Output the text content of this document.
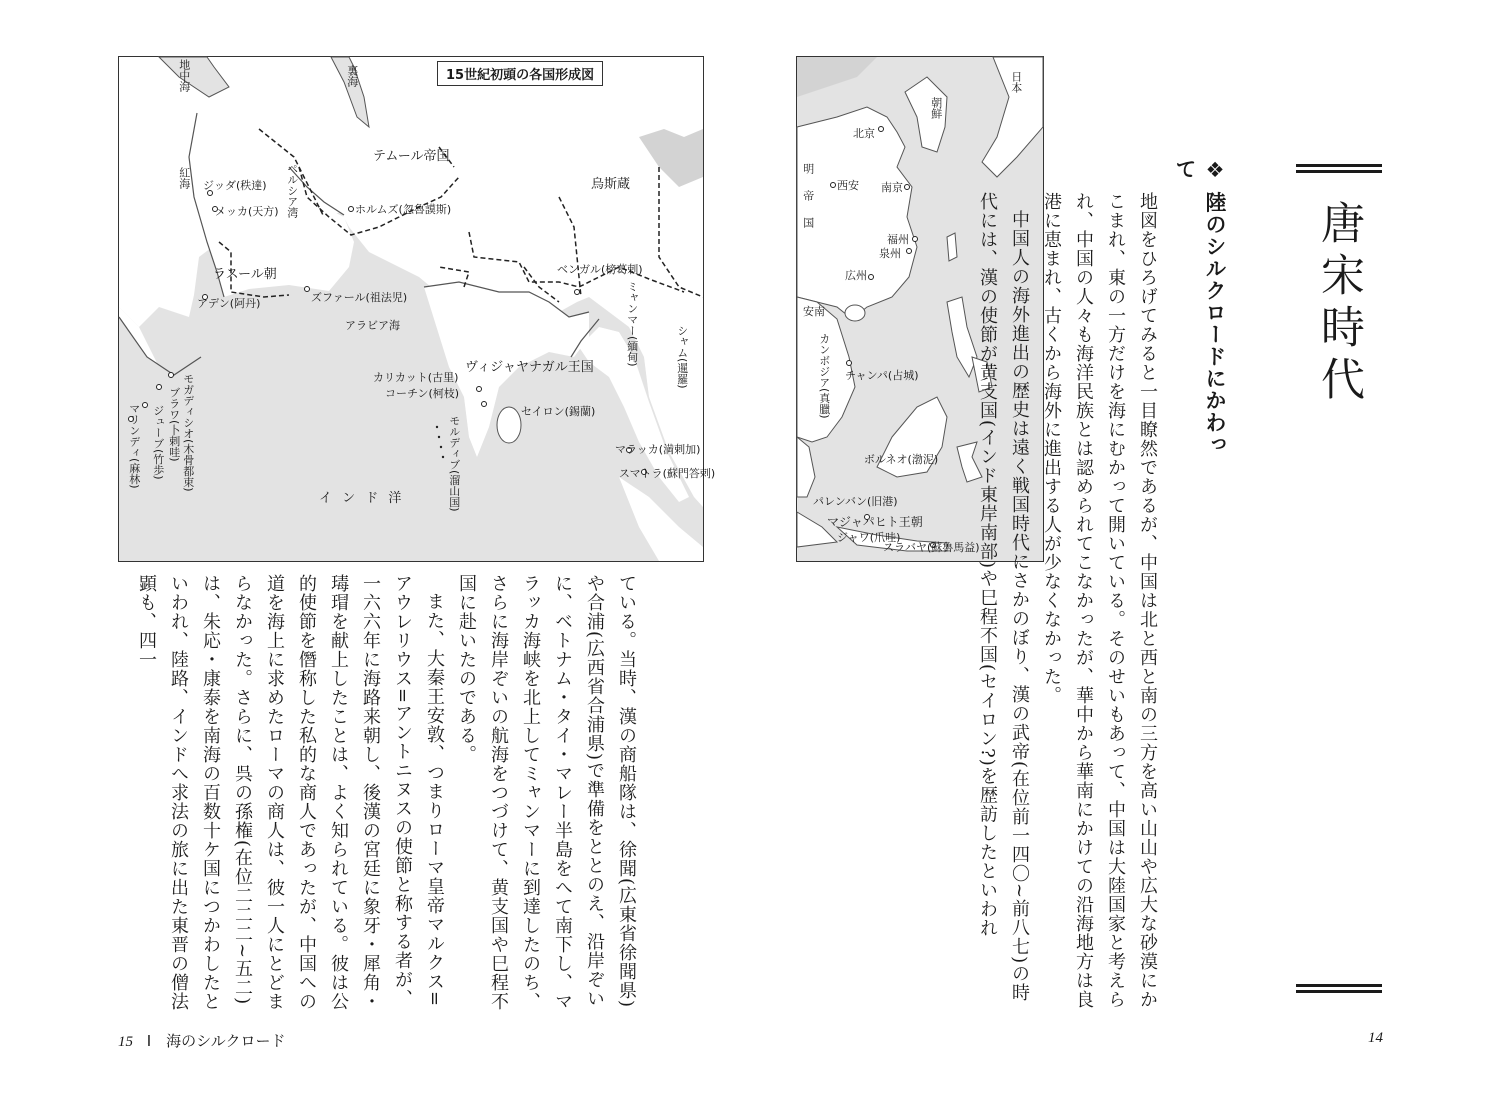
15世紀初頭の各国形成図
地中海	裏海
テムール帝国
烏斯蔵
紅海 ジッダ(秩達)
メッカ(天方) ペルシア湾	ホルムズ(忽魯謨斯)
ラスール朝
ズファール(祖法児)
アデン(阿丹)
アラビア海
ベンガル(榜葛剌)
ミャンマー(緬甸)	シャム(暹羅)
ヴィジャヤナガル王国
カリカット(古里)
コーチン(柯枝)
セイロン(錫蘭)
モルディブ(溜山国)
モガディシオ(木骨都束)
ブラワ(卜剌哇)
ジューブ(竹歩)
マリンディ(麻林)	マラッカ(満剌加)
スマトラ(蘇門答剌)
イ ン ド 洋

ている。当時、漢の商船隊は、徐聞(広東省徐聞県)や合浦(広西省合浦県)で準備をととのえ、沿岸ぞいに、ベトナム・タイ・マレー半島をへて南下し、マラッカ海峡を北上してミャンマーに到達したのち、さらに海岸ぞいの航海をつづけて、黄支国や巳程不国に赴いたのである。

また、大秦王安敦、つまりローマ皇帝マルクス=アウレリウス=アントニヌスの使節と称する者が、一六六年に海路来朝し、後漢の宮廷に象牙・犀角・瑇瑁を献上したことは、よく知られている。彼は公的使節を僭称した私的な商人であったが、中国への道を海上に求めたローマの商人は、彼一人にとどまらなかった。さらに、呉の孫権(在位二二二~五二)は、朱応・康泰を南海の百数十ケ国につかわしたといわれ、陸路、インドへ求法の旅に出た東晋の僧法顕も、四一

15 Ⅰ　海のシルクロード
日本
朝鮮
北京
明帝国 西安 南京
福州
泉州
広州
安南
チャンパ(占城)
カンボジア(真臘)
ボルネオ(渤泥)
パレンバン(旧港)
マジャパヒト王朝
ジャワ(爪哇)
スラバヤ(蘇魯馬益)
❖ 陸のシルクロードにかわって

地図をひろげてみると一目瞭然であるが、中国は北と西と南の三方を高い山山や広大な砂漠にかこまれ、東の一方だけを海にむかって開いている。そのせいもあって、中国は大陸国家と考えられ、中国の人々も海洋民族とは認められてこなかったが、華中から華南にかけての沿海地方は良港に恵まれ、古くから海外に進出する人が少なくなかった。

中国人の海外進出の歴史は遠く戦国時代にさかのぼり、漢の武帝(在位前一四〇~前八七)の時代には、漢の使節が黄支国(インド東岸南部)や巳程不国(セイロン?)を歴訪したといわれ	唐宋時代
14
